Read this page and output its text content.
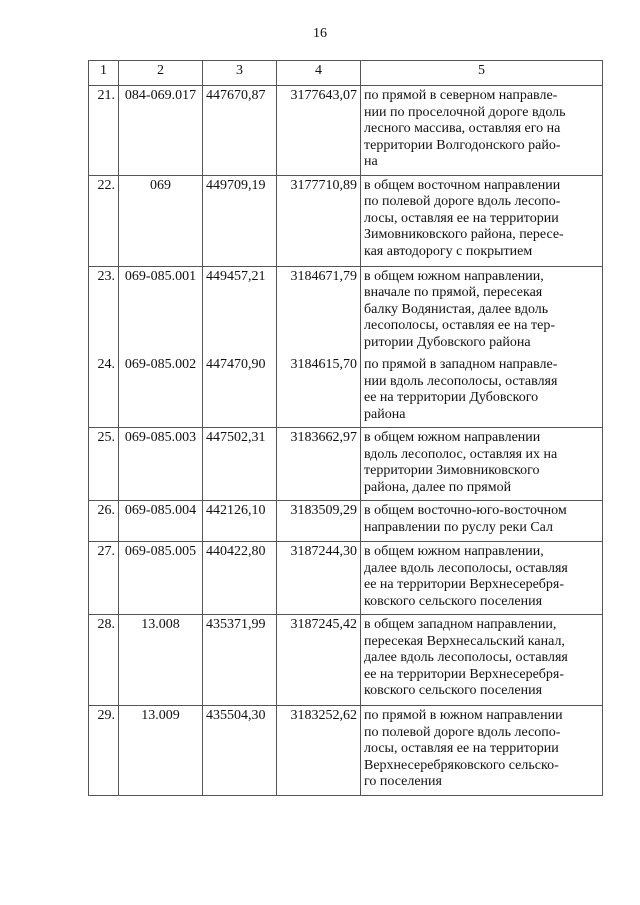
16
1	2	3	4	5
21.	084-069.017	447670,87	3177643,07	по прямой в северном направле-
нии по проселочной дороге вдоль
лесного массива, оставляя его на
территории Волгодонского райо-
на

22.	069	449709,19	3177710,89	в общем восточном направлении
по полевой дороге вдоль лесопо-
лосы, оставляя ее на территории
Зимовниковского района, пересе-
кая автодорогу с покрытием

23.	069-085.001	449457,21	3184671,79	в общем южном направлении,
вначале по прямой, пересекая
балку Водянистая, далее вдоль
лесополосы, оставляя ее на тер-
ритории Дубовского района

24.	069-085.002	447470,90	3184615,70	по прямой в западном направле-
нии вдоль лесополосы, оставляя
ее на территории Дубовского
района

25.	069-085.003	447502,31	3183662,97	в общем южном направлении
вдоль лесополос, оставляя их на
территории Зимовниковского
района, далее по прямой

26.	069-085.004	442126,10	3183509,29	в общем восточно-юго-восточном
направлении по руслу реки Сал

27.	069-085.005	440422,80	3187244,30	в общем южном направлении,
далее вдоль лесополосы, оставляя
ее на территории Верхнесеребря-
ковского сельского поселения

28.	13.008	435371,99	3187245,42	в общем западном направлении,
пересекая Верхнесальский канал,
далее вдоль лесополосы, оставляя
ее на территории Верхнесеребря-
ковского сельского поселения

29.	13.009	435504,30	3183252,62	по прямой в южном направлении
по полевой дороге вдоль лесопо-
лосы, оставляя ее на территории
Верхнесеребряковского сельско-
го поселения
